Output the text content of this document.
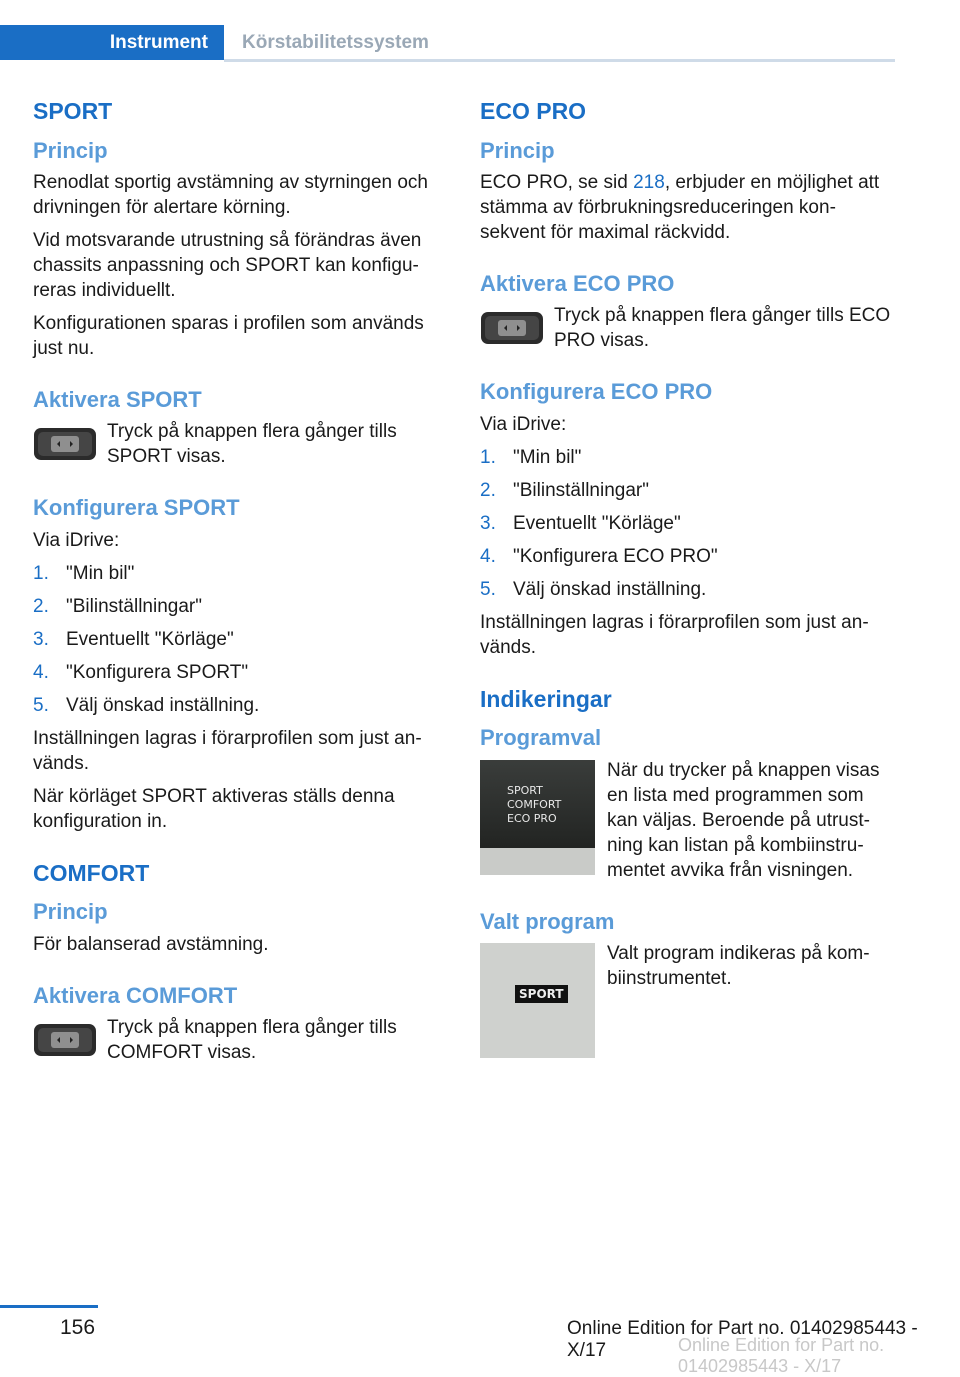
Instrument	Körstabilitetssystem
SPORT
Princip

Renodlat sportig avstämning av styrningen och drivningen för alertare körning.

Vid motsvarande utrustning så förändras även chassits anpassning och SPORT kan konfigureras individuellt.

Konfigurationen sparas i profilen som används just nu.

Aktivera SPORT
Tryck på knappen flera gånger tills SPORT visas.
Konfigurera SPORT

Via iDrive:

1. "Min bil"
2. "Bilinställningar"
3. Eventuellt "Körläge"
4. "Konfigurera SPORT"
5. Välj önskad inställning.

Inställningen lagras i förarprofilen som just används.

När körläget SPORT aktiveras ställs denna konfiguration in.

COMFORT
Princip

För balanserad avstämning.

Aktivera COMFORT
Tryck på knappen flera gånger tills COMFORT visas.
ECO PRO
Princip

ECO PRO, se sid 218, erbjuder en möjlighet att stämma av förbrukningsreduceringen konsekvent för maximal räckvidd.

Aktivera ECO PRO
Tryck på knappen flera gånger tills ECO PRO visas.
Konfigurera ECO PRO

Via iDrive:

1. "Min bil"
2. "Bilinställningar"
3. Eventuellt "Körläge"
4. "Konfigurera ECO PRO"
5. Välj önskad inställning.

Inställningen lagras i förarprofilen som just används.

Indikeringar
Programval
SPORT
COMFORT
ECO PRO
När du trycker på knappen visas en lista med programmen som kan väljas. Beroende på utrustning kan listan på kombiinstrumentet avvika från visningen.
Valt program
SPORT
Valt program indikeras på kombiinstrumentet.
156	Online Edition for Part no. 01402985443 - X/17	Online Edition for Part no. 01402985443 - X/17
